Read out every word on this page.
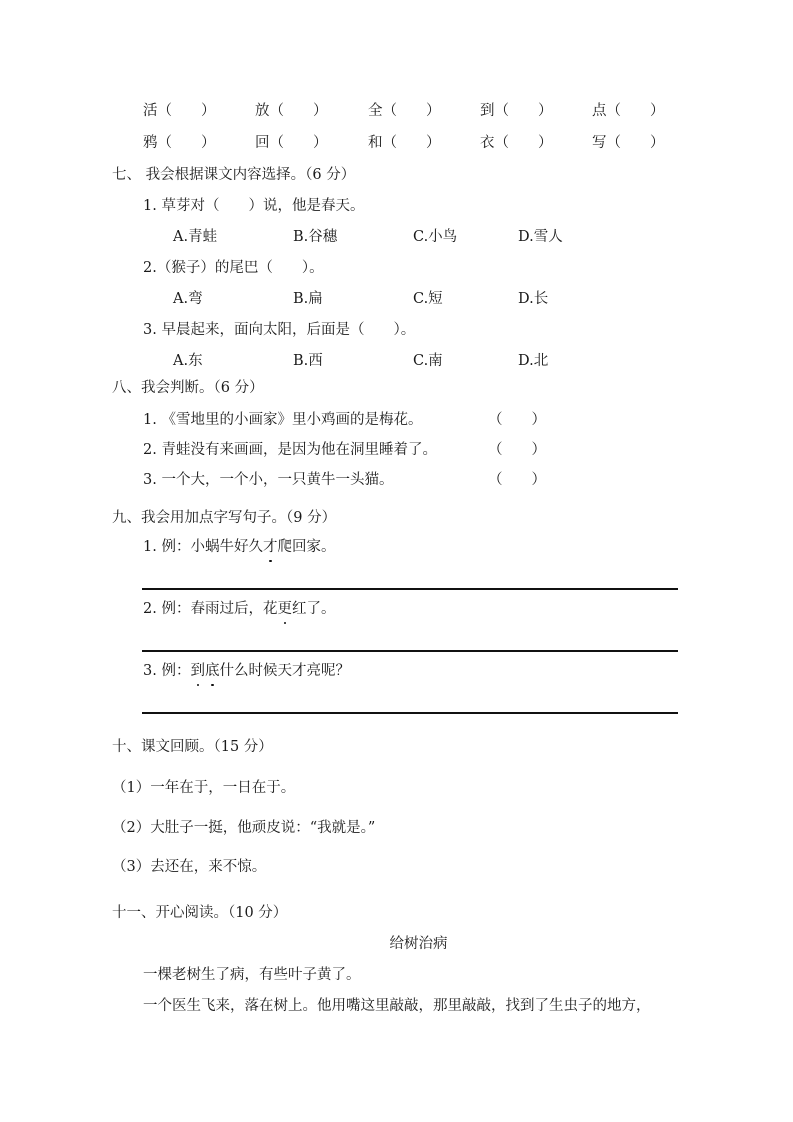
活（　　）	放（　　）	全（　　）	到（　　）	点（　　）
鸦（　　）	回（　　）	和（　　）	衣（　　）	写（　　）
七、 我会根据课文内容选择。（6 分）
1. 草芽对（　　）说，他是春天。
A.青蛙	B.谷穗	C.小鸟	D.雪人
2.（猴子）的尾巴（　　）。
A.弯	B.扁	C.短	D.长
3. 早晨起来，面向太阳，后面是（　　）。
A.东	B.西	C.南	D.北
八、我会判断。（6 分）
1. 《雪地里的小画家》里小鸡画的是梅花。	（　　）
2. 青蛙没有来画画，是因为他在洞里睡着了。	（　　）
3. 一个大，一个小，一只黄牛一头猫。	（　　）
九、我会用加点字写句子。（9 分）
1. 例：小蜗牛好久才爬回家。
2. 例：春雨过后，花更红了。
3. 例：到底什么时候天才亮呢？
十、课文回顾。（15 分）
（1）一年在于，一日在于。
（2）大肚子一挺，他顽皮说：“我就是。”
（3）去还在，来不惊。
十一、开心阅读。（10 分）
给树治病
一棵老树生了病，有些叶子黄了。
一个医生飞来，落在树上。他用嘴这里敲敲，那里敲敲，找到了生虫子的地方，
